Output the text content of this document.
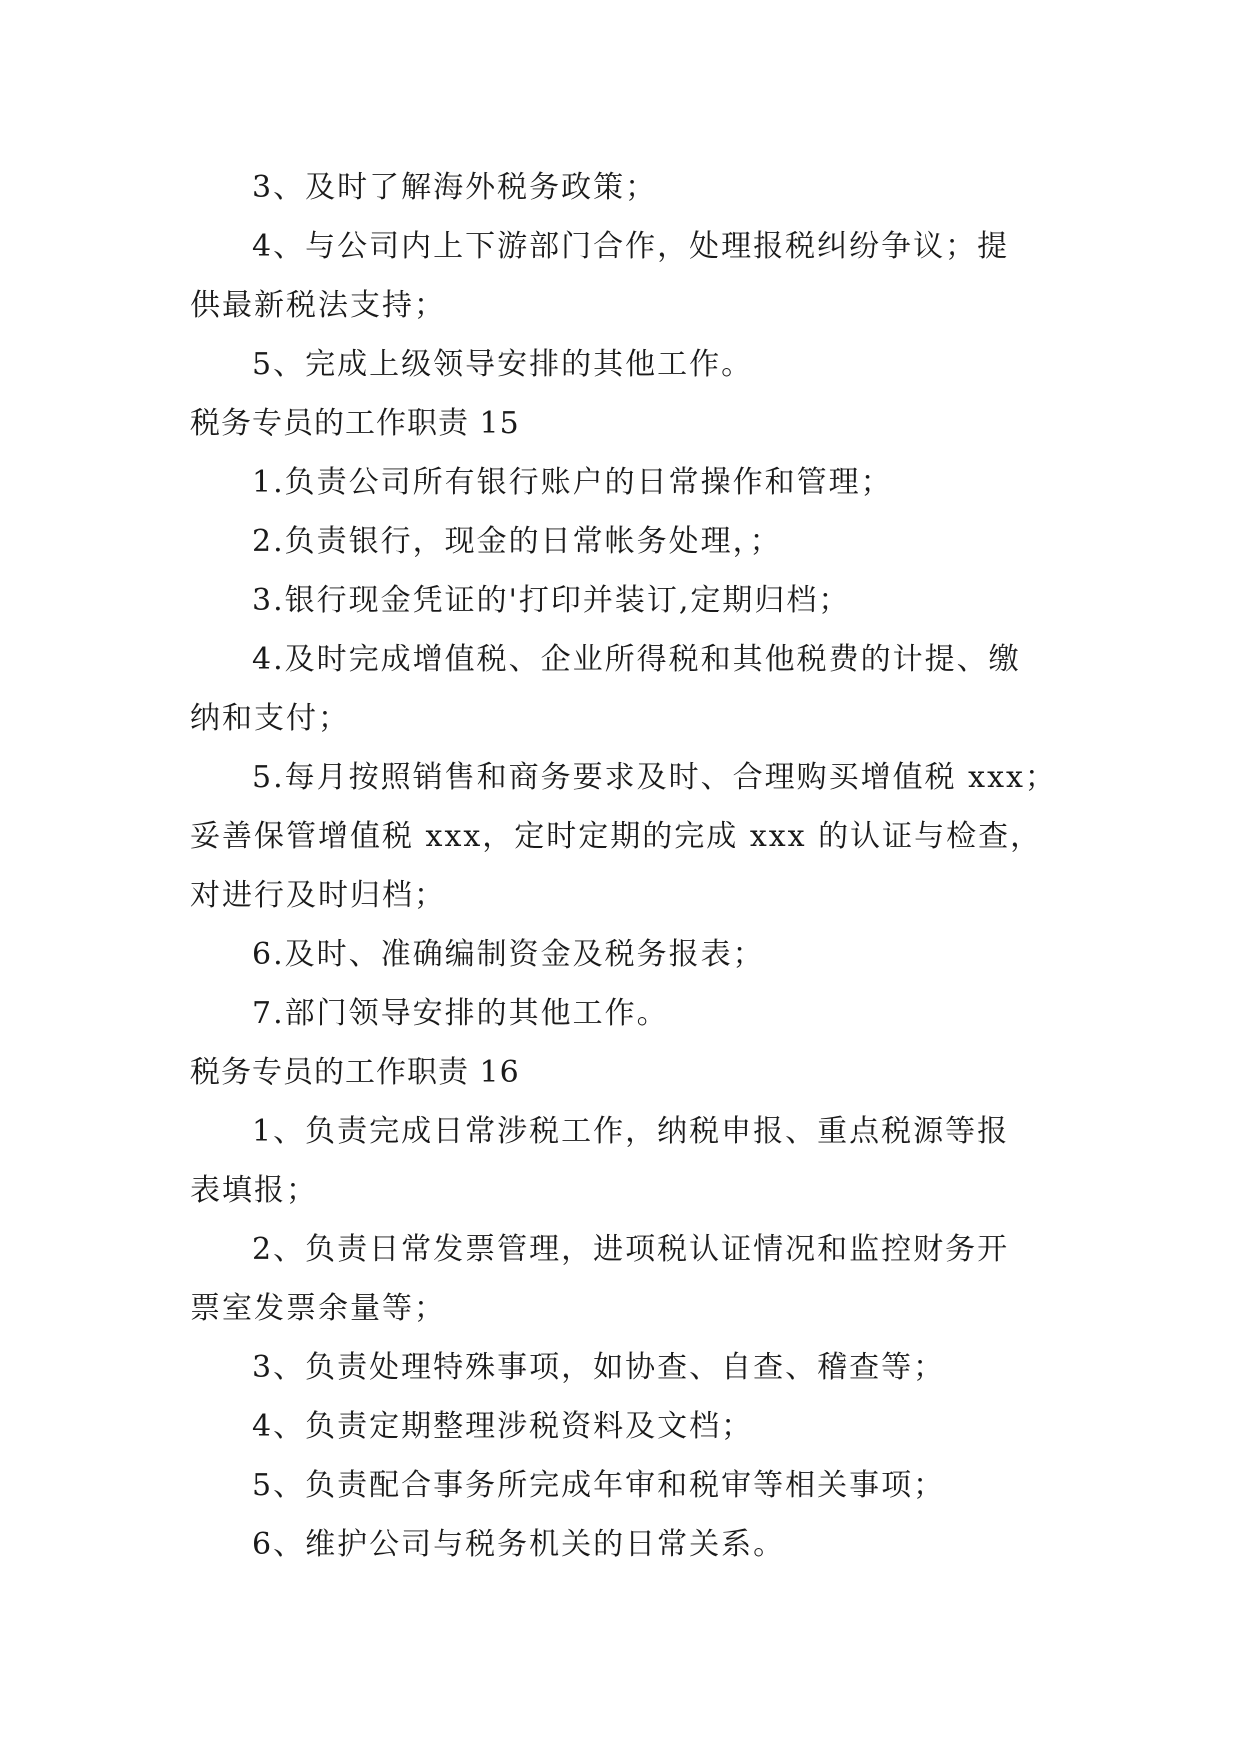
3、及时了解海外税务政策；
4、与公司内上下游部门合作，处理报税纠纷争议；提
供最新税法支持；
5、完成上级领导安排的其他工作。
税务专员的工作职责 15
1.负责公司所有银行账户的日常操作和管理；
2.负责银行，现金的日常帐务处理，；
3.银行现金凭证的'打印并装订,定期归档；
4.及时完成增值税、企业所得税和其他税费的计提、缴
纳和支付；
5.每月按照销售和商务要求及时、合理购买增值税 xxx；
妥善保管增值税 xxx，定时定期的完成 xxx 的认证与检查，
对进行及时归档；
6.及时、准确编制资金及税务报表；
7.部门领导安排的其他工作。
税务专员的工作职责 16
1、负责完成日常涉税工作，纳税申报、重点税源等报
表填报；
2、负责日常发票管理，进项税认证情况和监控财务开
票室发票余量等；
3、负责处理特殊事项，如协查、自查、稽查等；
4、负责定期整理涉税资料及文档；
5、负责配合事务所完成年审和税审等相关事项；
6、维护公司与税务机关的日常关系。
